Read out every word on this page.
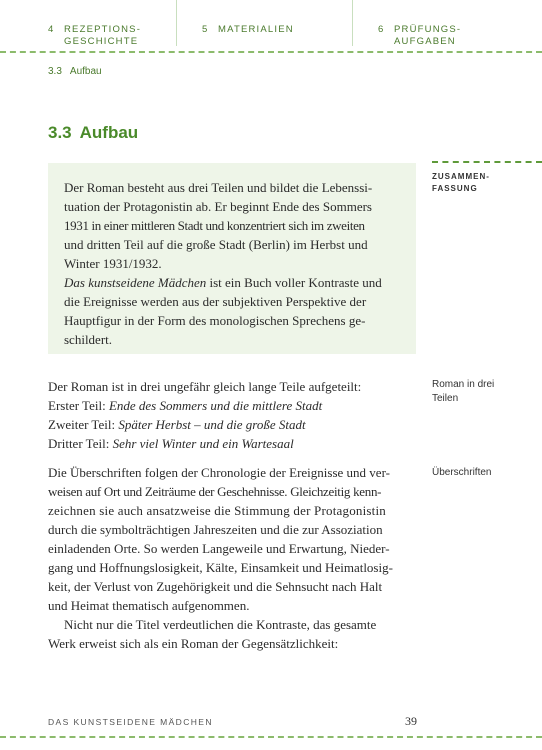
4 REZEPTIONS-
GESCHICHTE
5 MATERIALIEN	6 PRÜFUNGS-
AUFGABEN
3.3 Aufbau
3.3 Aufbau

Der Roman besteht aus drei Teilen und bildet die Lebenssi-
tuation der Protagonistin ab. Er beginnt Ende des Sommers
1931 in einer mittleren Stadt und konzentriert sich im zweiten
und dritten Teil auf die große Stadt (Berlin) im Herbst und
Winter 1931/1932.
Das kunstseidene Mädchen ist ein Buch voller Kontraste und
die Ereignisse werden aus der subjektiven Perspektive der
Hauptfigur in der Form des monologischen Sprechens ge-
schildert.

ZUSAMMEN-
FASSUNG
Roman in drei
Teilen
Überschriften

Der Roman ist in drei ungefähr gleich lange Teile aufgeteilt:
Erster Teil: Ende des Sommers und die mittlere Stadt
Zweiter Teil: Später Herbst – und die große Stadt
Dritter Teil: Sehr viel Winter und ein Wartesaal

Die Überschriften folgen der Chronologie der Ereignisse und ver-
weisen auf Ort und Zeiträume der Geschehnisse. Gleichzeitig kenn-
zeichnen sie auch ansatzweise die Stimmung der Protagonistin
durch die symbolträchtigen Jahreszeiten und die zur Assoziation
einladenden Orte. So werden Langeweile und Erwartung, Nieder-
gang und Hoffnungslosigkeit, Kälte, Einsamkeit und Heimatlosig-
keit, der Verlust von Zugehörigkeit und die Sehnsucht nach Halt
und Heimat thematisch aufgenommen.
Nicht nur die Titel verdeutlichen die Kontraste, das gesamte
Werk erweist sich als ein Roman der Gegensätzlichkeit:

DAS KUNSTSEIDENE MÄDCHEN	39
